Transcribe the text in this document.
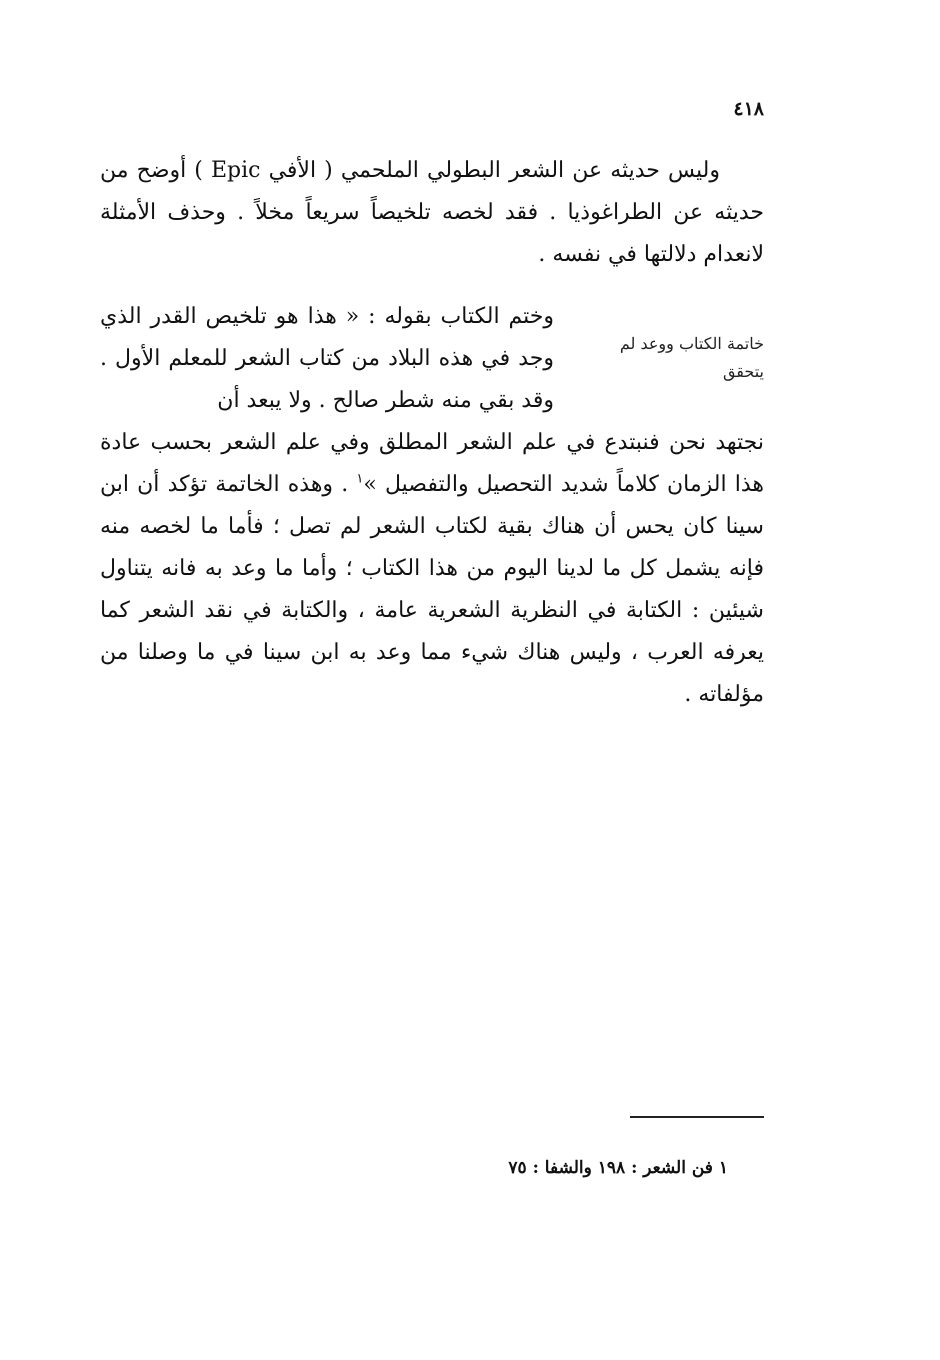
٤١٨
وليس حديثه عن الشعر البطولي الملحمي ( الأفي Epic ) أوضح من حديثه عن الطراغوذيا . فقد لخصه تلخيصاً سريعاً مخلاً . وحذف الأمثلة لانعدام دلالتها في نفسه .
خاتمة الكتاب ووعد لم يتحقق
وختم الكتاب بقوله : « هذا هو تلخيص القدر الذي وجد في هذه البلاد من كتاب الشعر للمعلم الأول . وقد بقي منه شطر صالح . ولا يبعد أن
نجتهد نحن فنبتدع في علم الشعر المطلق وفي علم الشعر بحسب عادة هذا الزمان كلاماً شديد التحصيل والتفصيل »$^١$ . وهذه الخاتمة تؤكد أن ابن سينا كان يحس أن هناك بقية لكتاب الشعر لم تصل ؛ فأما ما لخصه منه فإنه يشمل كل ما لدينا اليوم من هذا الكتاب ؛ وأما ما وعد به فانه يتناول شيئين : الكتابة في النظرية الشعرية عامة ، والكتابة في نقد الشعر كما يعرفه العرب ، وليس هناك شيء مما وعد به ابن سينا في ما وصلنا من مؤلفاته .
١ فن الشعر : ١٩٨ والشفا : ٧٥
